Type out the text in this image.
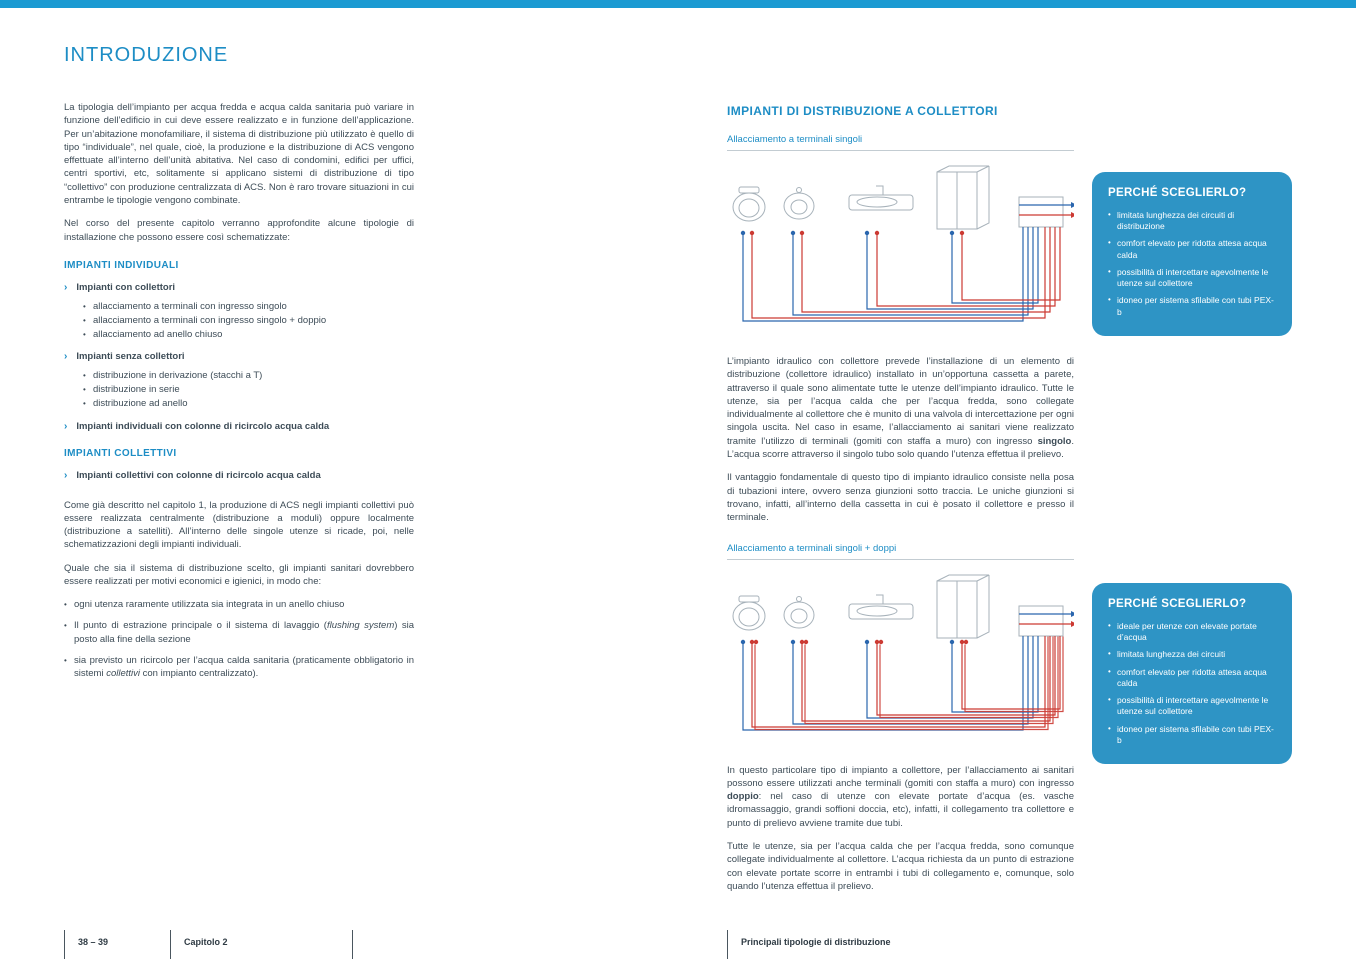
INTRODUZIONE

La tipologia dell’impianto per acqua fredda e acqua calda sanitaria può variare in funzione dell’edificio in cui deve essere realizzato e in funzione dell’applicazione. Per un’abitazione monofamiliare, il sistema di distribuzione più utilizzato è quello di tipo “individuale”, nel quale, cioè, la produzione e la distribuzione di ACS vengono effettuate all’interno dell’unità abitativa. Nel caso di condomini, edifici per uffici, centri sportivi, etc, solitamente si applicano sistemi di distribuzione di tipo “collettivo” con produzione centralizzata di ACS. Non è raro trovare situazioni in cui entrambe le tipologie vengono combinate.

Nel corso del presente capitolo verranno approfondite alcune tipologie di installazione che possono essere così schematizzate:

IMPIANTI INDIVIDUALI
› Impianti con collettori
• allacciamento a terminali con ingresso singolo
• allacciamento a terminali con ingresso singolo + doppio
• allacciamento ad anello chiuso
› Impianti senza collettori
• distribuzione in derivazione (stacchi a T)
• distribuzione in serie
• distribuzione ad anello
› Impianti individuali con colonne di ricircolo acqua calda
IMPIANTI COLLETTIVI
› Impianti collettivi con colonne di ricircolo acqua calda

Come già descritto nel capitolo 1, la produzione di ACS negli impianti collettivi può essere realizzata centralmente (distribuzione a moduli) oppure localmente (distribuzione a satelliti). All’interno delle singole utenze si ricade, poi, nelle schematizzazioni degli impianti individuali.

Quale che sia il sistema di distribuzione scelto, gli impianti sanitari dovrebbero essere realizzati per motivi economici e igienici, in modo che:

• ogni utenza raramente utilizzata sia integrata in un anello chiuso
• Il punto di estrazione principale o il sistema di lavaggio (flushing system) sia posto alla fine della sezione
• sia previsto un ricircolo per l’acqua calda sanitaria (praticamente obbligatorio in sistemi collettivi con impianto centralizzato).
IMPIANTI DI DISTRIBUZIONE A COLLETTORI
Allacciamento a terminali singoli

L’impianto idraulico con collettore prevede l’installazione di un elemento di distribuzione (collettore idraulico) installato in un’opportuna cassetta a parete, attraverso il quale sono alimentate tutte le utenze dell’impianto idraulico. Tutte le utenze, sia per l’acqua calda che per l’acqua fredda, sono collegate individualmente al collettore che è munito di una valvola di intercettazione per ogni singola uscita. Nel caso in esame, l’allacciamento ai sanitari viene realizzato tramite l’utilizzo di terminali (gomiti con staffa a muro) con ingresso singolo. L’acqua scorre attraverso il singolo tubo solo quando l’utenza effettua il prelievo.

Il vantaggio fondamentale di questo tipo di impianto idraulico consiste nella posa di tubazioni intere, ovvero senza giunzioni sotto traccia. Le uniche giunzioni si trovano, infatti, all’interno della cassetta in cui è posato il collettore e presso il terminale.

Allacciamento a terminali singoli + doppi

In questo particolare tipo di impianto a collettore, per l’allacciamento ai sanitari possono essere utilizzati anche terminali (gomiti con staffa a muro) con ingresso doppio: nel caso di utenze con elevate portate d’acqua (es. vasche idromassaggio, grandi soffioni doccia, etc), infatti, il collegamento tra collettore e punto di prelievo avviene tramite due tubi.

Tutte le utenze, sia per l’acqua calda che per l’acqua fredda, sono comunque collegate individualmente al collettore. L’acqua richiesta da un punto di estrazione con elevate portate scorre in entrambi i tubi di collegamento e, comunque, solo quando l’utenza effettua il prelievo.

PERCHÉ SCEGLIERLO?
• limitata lunghezza dei circuiti di distribuzione
• comfort elevato per ridotta attesa acqua calda
• possibilità di intercettare agevolmente le utenze sul collettore
• idoneo per sistema sfilabile con tubi PEX-b
PERCHÉ SCEGLIERLO?
• ideale per utenze con elevate portate d’acqua
• limitata lunghezza dei circuiti
• comfort elevato per ridotta attesa acqua calda
• possibilità di intercettare agevolmente le utenze sul collettore
• idoneo per sistema sfilabile con tubi PEX-b
38 – 39	Capitolo 2	Principali tipologie di distribuzione
